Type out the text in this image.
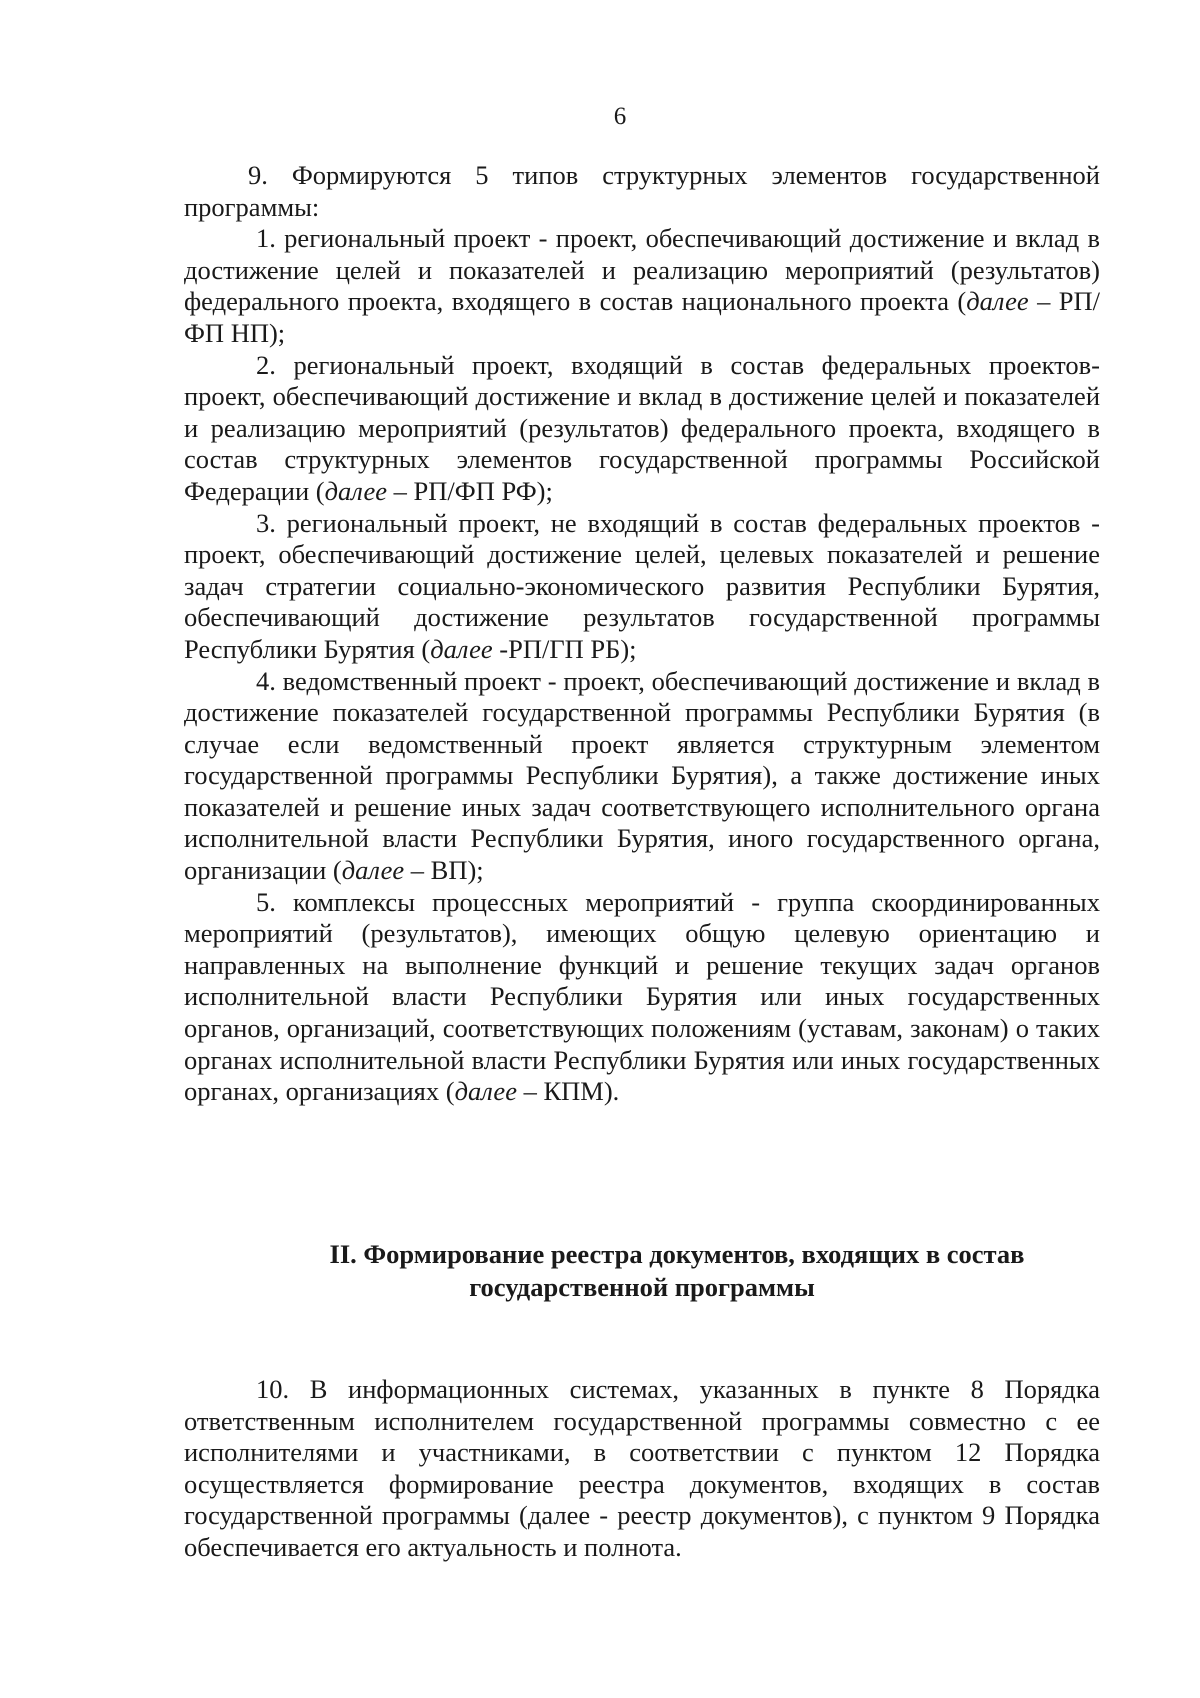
6

9. Формируются 5 типов структурных элементов государственной программы:

1. региональный проект - проект, обеспечивающий достижение и вклад в достижение целей и показателей и реализацию мероприятий (результатов) федерального проекта, входящего в состав национального проекта (далее – РП/ФП НП);

2. региональный проект, входящий в состав федеральных проектов-проект, обеспечивающий достижение и вклад в достижение целей и показателей и реализацию мероприятий (результатов) федерального проекта, входящего в состав структурных элементов государственной программы Российской Федерации (далее – РП/ФП РФ);

3. региональный проект, не входящий в состав федеральных проектов - проект, обеспечивающий достижение целей, целевых показателей и решение задач стратегии социально-экономического развития Республики Бурятия, обеспечивающий достижение результатов государственной программы Республики Бурятия (далее -РП/ГП РБ);

4. ведомственный проект - проект, обеспечивающий достижение и вклад в достижение показателей государственной программы Республики Бурятия (в случае если ведомственный проект является структурным элементом государственной программы Республики Бурятия), а также достижение иных показателей и решение иных задач соответствующего исполнительного органа исполнительной власти Республики Бурятия, иного государственного органа, организации (далее – ВП);

5. комплексы процессных мероприятий - группа скоординированных мероприятий (результатов), имеющих общую целевую ориентацию и направленных на выполнение функций и решение текущих задач органов исполнительной власти Республики Бурятия или иных государственных органов, организаций, соответствующих положениям (уставам, законам) о таких органах исполнительной власти Республики Бурятия или иных государственных органах, организациях (далее – КПМ).

II. Формирование реестра документов, входящих в состав
государственной программы

10. В информационных системах, указанных в пункте 8 Порядка ответственным исполнителем государственной программы совместно с ее исполнителями и участниками, в соответствии с пунктом 12 Порядка осуществляется формирование реестра документов, входящих в состав государственной программы (далее - реестр документов), с пунктом 9 Порядка обеспечивается его актуальность и полнота.
